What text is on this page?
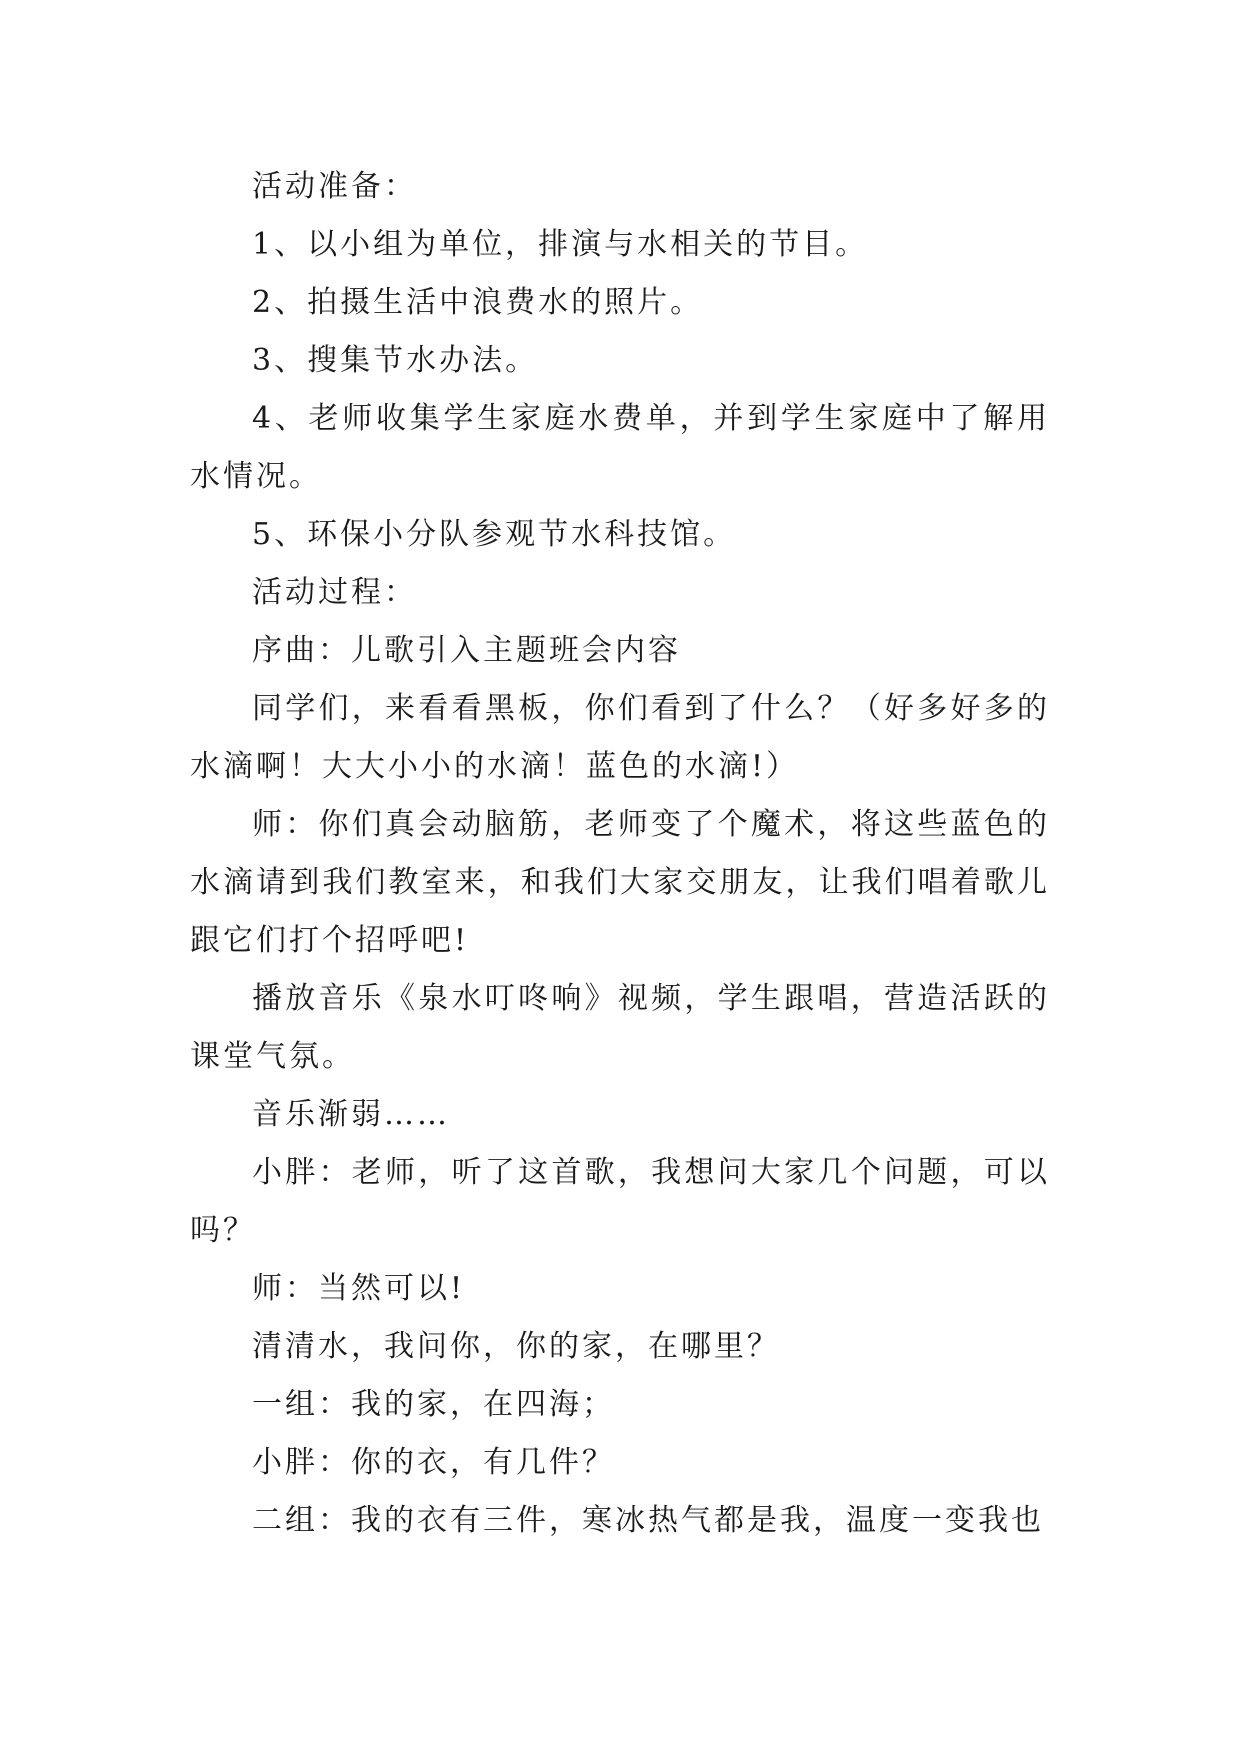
活动准备：

1、以小组为单位，排演与水相关的节目。

2、拍摄生活中浪费水的照片。

3、搜集节水办法。

4、老师收集学生家庭水费单，并到学生家庭中了解用水情况。

5、环保小分队参观节水科技馆。

活动过程：

序曲：儿歌引入主题班会内容

同学们，来看看黑板，你们看到了什么？（好多好多的水滴啊！大大小小的水滴！蓝色的水滴!）

师：你们真会动脑筋，老师变了个魔术，将这些蓝色的水滴请到我们教室来，和我们大家交朋友，让我们唱着歌儿跟它们打个招呼吧!

播放音乐《泉水叮咚响》视频，学生跟唱，营造活跃的课堂气氛。

音乐渐弱……

小胖：老师，听了这首歌，我想问大家几个问题，可以吗？

师：当然可以!

清清水，我问你，你的家，在哪里？

一组：我的家，在四海；

小胖：你的衣，有几件？

二组：我的衣有三件，寒冰热气都是我，温度一变我也
